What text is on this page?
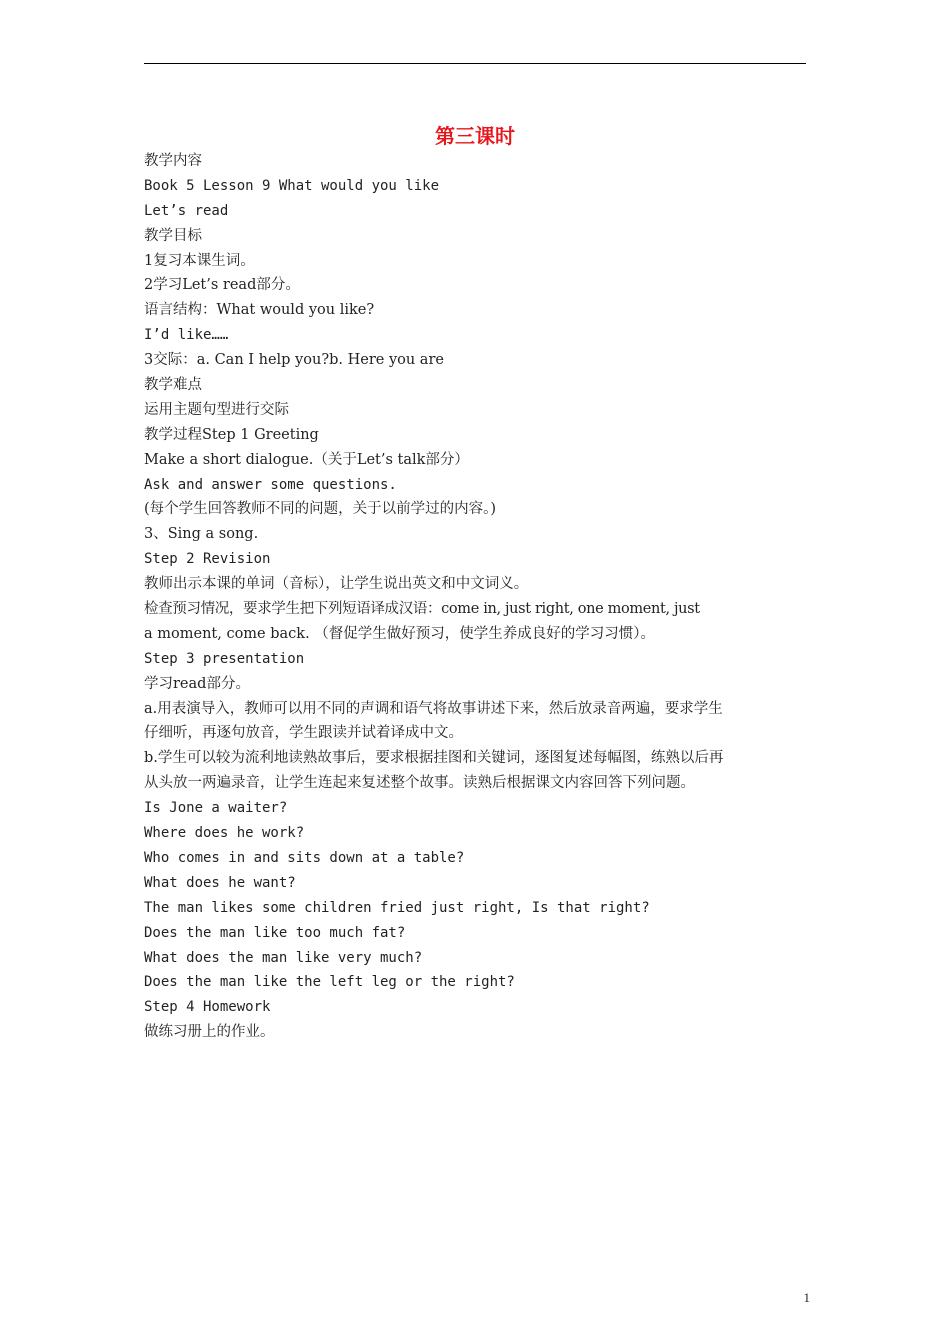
第三课时
教学内容
Book 5 Lesson 9 What would you like
Let’s read
教学目标
1复习本课生词。
2学习Let’s read部分。
语言结构：What would you like?
I’d like……
3交际：a. Can I help you?b. Here you are
教学难点
运用主题句型进行交际
教学过程Step 1 Greeting
Make a short dialogue.（关于Let’s talk部分）
Ask and answer some questions.
(每个学生回答教师不同的问题，关于以前学过的内容。)
3、Sing a song.
Step 2 Revision
教师出示本课的单词（音标），让学生说出英文和中文词义。
检查预习情况，要求学生把下列短语译成汉语：come in, just right, one moment, just
a moment, come back. （督促学生做好预习，使学生养成良好的学习习惯）。
Step 3 presentation
学习read部分。
a.用表演导入，教师可以用不同的声调和语气将故事讲述下来，然后放录音两遍，要求学生
仔细听，再逐句放音，学生跟读并试着译成中文。
b.学生可以较为流利地读熟故事后，要求根据挂图和关键词，逐图复述每幅图，练熟以后再
从头放一两遍录音，让学生连起来复述整个故事。读熟后根据课文内容回答下列问题。
Is Jone a waiter?
Where does he work?
Who comes in and sits down at a table?
What does he want?
The man likes some children fried just right, Is that right?
Does the man like too much fat?
What does the man like very much?
Does the man like the left leg or the right?
Step 4 Homework
做练习册上的作业。
1
